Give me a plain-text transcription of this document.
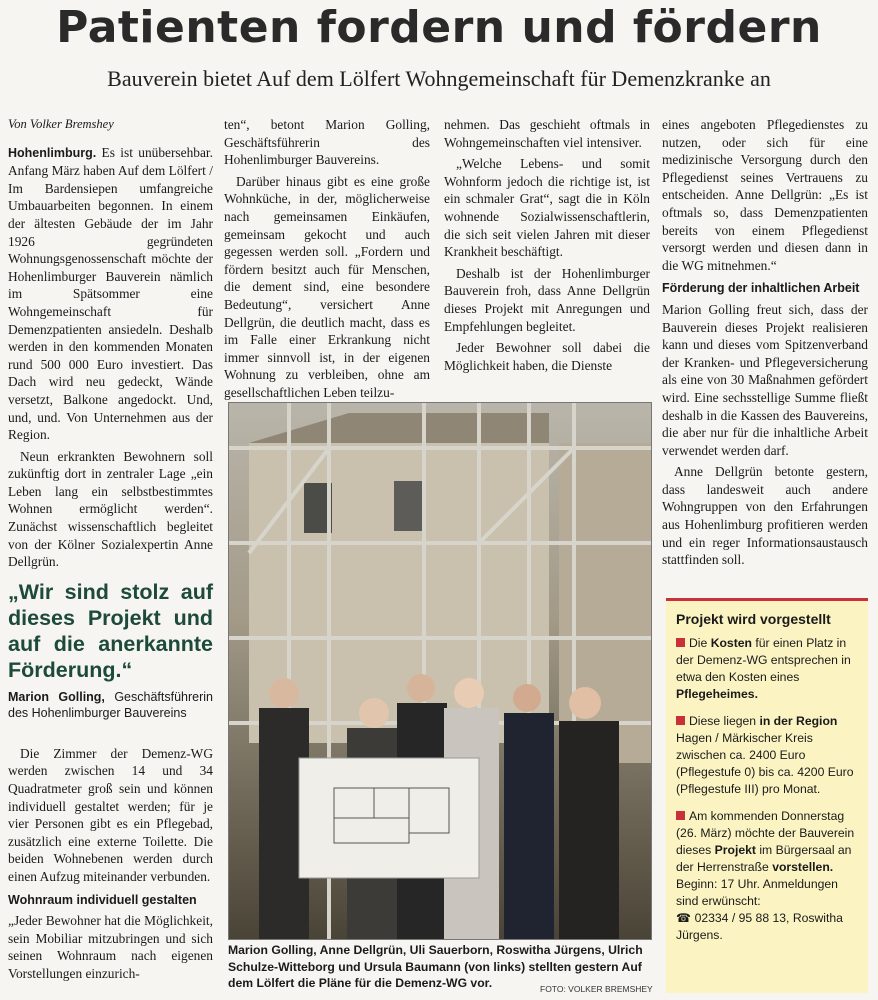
Patienten fordern und fördern
Bauverein bietet Auf dem Lölfert Wohngemeinschaft für Demenzkranke an
Von Volker Bremshey

Hohenlimburg. Es ist unübersehbar. Anfang März haben Auf dem Lölfert / Im Bardensiepen umfangreiche Umbauarbeiten begonnen. In einem der ältesten Gebäude der im Jahr 1926 gegründeten Wohnungsgenossenschaft möchte der Hohenlimburger Bauverein nämlich im Spätsommer eine Wohngemeinschaft für Demenzpatienten ansiedeln. Deshalb werden in den kommenden Monaten rund 500 000 Euro investiert. Das Dach wird neu gedeckt, Wände versetzt, Balkone angedockt. Und, und, und. Von Unternehmen aus der Region.

Neun erkrankten Bewohnern soll zukünftig dort in zentraler Lage „ein Leben lang ein selbstbestimmtes Wohnen ermöglicht werden“. Zunächst wissenschaftlich begleitet von der Kölner Sozialexpertin Anne Dellgrün.

„Wir sind stolz auf dieses Projekt und auf die anerkannte Förderung.“
Marion Golling, Geschäftsführerin des Hohenlimburger Bauvereins

Die Zimmer der Demenz-WG werden zwischen 14 und 34 Quadratmeter groß sein und können individuell gestaltet werden; für je vier Personen gibt es ein Pflegebad, zusätzlich eine externe Toilette. Die beiden Wohnebenen werden durch einen Aufzug miteinander verbunden.

Wohnraum individuell gestalten

„Jeder Bewohner hat die Möglichkeit, sein Mobiliar mitzubringen und sich seinen Wohnraum nach eigenen Vorstellungen einzurich-

ten“, betont Marion Golling, Geschäftsführerin des Hohenlimburger Bauvereins.

Darüber hinaus gibt es eine große Wohnküche, in der, möglicherweise nach gemeinsamen Einkäufen, gemeinsam gekocht und auch gegessen werden soll. „Fordern und fördern besitzt auch für Menschen, die dement sind, eine besondere Bedeutung“, versichert Anne Dellgrün, die deutlich macht, dass es im Falle einer Erkrankung nicht immer sinnvoll ist, in der eigenen Wohnung zu verbleiben, ohne am gesellschaftlichen Leben teilzu-

nehmen. Das geschieht oftmals in Wohngemeinschaften viel intensiver.

„Welche Lebens- und somit Wohnform jedoch die richtige ist, ist ein schmaler Grat“, sagt die in Köln wohnende Sozialwissenschaftlerin, die sich seit vielen Jahren mit dieser Krankheit beschäftigt.

Deshalb ist der Hohenlimburger Bauverein froh, dass Anne Dellgrün dieses Projekt mit Anregungen und Empfehlungen begleitet.

Jeder Bewohner soll dabei die Möglichkeit haben, die Dienste

eines angeboten Pflegedienstes zu nutzen, oder sich für eine medizinische Versorgung durch den Pflegedienst seines Vertrauens zu entscheiden. Anne Dellgrün: „Es ist oftmals so, dass Demenzpatienten bereits von einem Pflegedienst versorgt werden und diesen dann in die WG mitnehmen.“

Förderung der inhaltlichen Arbeit

Marion Golling freut sich, dass der Bauverein dieses Projekt realisieren kann und dieses vom Spitzenverband der Kranken- und Pflegeversicherung als eine von 30 Maßnahmen gefördert wird. Eine sechsstellige Summe fließt deshalb in die Kassen des Bauvereins, die aber nur für die inhaltliche Arbeit verwendet werden darf.

Anne Dellgrün betonte gestern, dass landesweit auch andere Wohngruppen von den Erfahrungen aus Hohenlimburg profitieren werden und ein reger Informationsaustausch stattfinden soll.

Marion Golling, Anne Dellgrün, Uli Sauerborn, Roswitha Jürgens, Ulrich Schulze-Witteborg und Ursula Baumann (von links) stellten gestern Auf dem Lölfert die Pläne für die Demenz-WG vor.	FOTO: VOLKER BREMSHEY
Projekt wird vorgestellt
Die Kosten für einen Platz in der Demenz-WG entsprechen in etwa den Kosten eines Pflegeheimes.
Diese liegen in der Region Hagen / Märkischer Kreis zwischen ca. 2400 Euro (Pflegestufe 0) bis ca. 4200 Euro (Pflegestufe III) pro Monat.
Am kommenden Donnerstag (26. März) möchte der Bauverein dieses Projekt im Bürgersaal an der Herrenstraße vorstellen. Beginn: 17 Uhr. Anmeldungen sind erwünscht:
☎ 02334 / 95 88 13, Roswitha Jürgens.
